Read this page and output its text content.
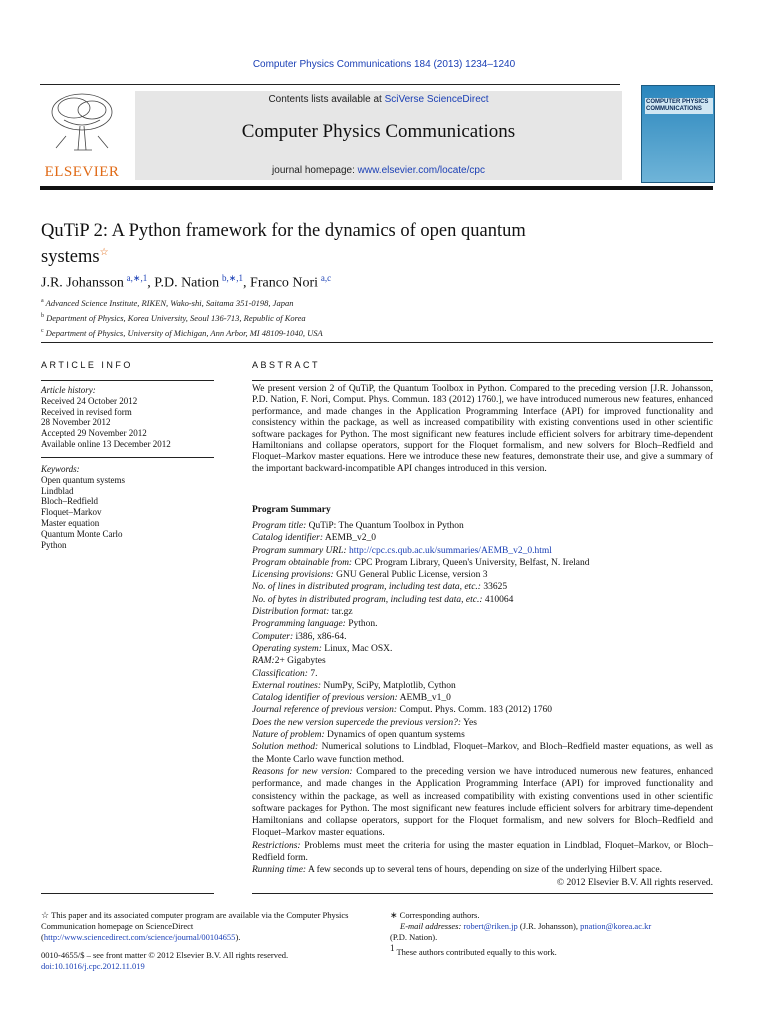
Computer Physics Communications 184 (2013) 1234–1240
ELSEVIER
Contents lists available at SciVerse ScienceDirect
Computer Physics Communications
journal homepage: www.elsevier.com/locate/cpc
COMPUTER PHYSICS COMMUNICATIONS
QuTiP 2: A Python framework for the dynamics of open quantum
systems☆
J.R. Johansson  $^{a,∗,1}$, P.D. Nation  $^{b,∗,1}$, Franco Nori  $^{a,c}$
$^a$ Advanced Science Institute, RIKEN, Wako-shi, Saitama 351-0198, Japan
$^b$ Department of Physics, Korea University, Seoul 136-713, Republic of Korea
$^c$ Department of Physics, University of Michigan, Ann Arbor, MI 48109-1040, USA
ARTICLE INFO
Article history:
Received 24 October 2012
Received in revised form
28 November 2012
Accepted 29 November 2012
Available online 13 December 2012
Keywords:
Open quantum systems
Lindblad
Bloch–Redfield
Floquet–Markov
Master equation
Quantum Monte Carlo
Python
ABSTRACT
We present version 2 of QuTiP, the Quantum Toolbox in Python. Compared to the preceding version [J.R. Johansson, P.D. Nation, F. Nori, Comput. Phys. Commun. 183 (2012) 1760.], we have introduced numerous new features, enhanced performance, and made changes in the Application Programming Interface (API) for improved functionality and consistency within the package, as well as increased compatibility with existing conventions used in other scientific software packages for Python. The most significant new features include efficient solvers for arbitrary time-dependent Hamiltonians and collapse operators, support for the Floquet formalism, and new solvers for Bloch–Redfield and Floquet–Markov master equations. Here we introduce these new features, demonstrate their use, and give a summary of the important backward-incompatible API changes introduced in this version.
Program Summary
Program title: QuTiP: The Quantum Toolbox in Python
Catalog identifier: AEMB_v2_0
Program summary URL: http://cpc.cs.qub.ac.uk/summaries/AEMB_v2_0.html
Program obtainable from: CPC Program Library, Queen's University, Belfast, N. Ireland
Licensing provisions: GNU General Public License, version 3
No. of lines in distributed program, including test data, etc.: 33625
No. of bytes in distributed program, including test data, etc.: 410064
Distribution format: tar.gz
Programming language: Python.
Computer: i386, x86-64.
Operating system: Linux, Mac OSX.
RAM:2+ Gigabytes
Classification: 7.
External routines: NumPy, SciPy, Matplotlib, Cython
Catalog identifier of previous version: AEMB_v1_0
Journal reference of previous version: Comput. Phys. Comm. 183 (2012) 1760
Does the new version supercede the previous version?: Yes
Nature of problem: Dynamics of open quantum systems
Solution method: Numerical solutions to Lindblad, Floquet–Markov, and Bloch–Redfield master equations, as well as the Monte Carlo wave function method.
Reasons for new version: Compared to the preceding version we have introduced numerous new features, enhanced performance, and made changes in the Application Programming Interface (API) for improved functionality and consistency within the package, as well as increased compatibility with existing conventions used in other scientific software packages for Python. The most significant new features include efficient solvers for arbitrary time-dependent Hamiltonians and collapse operators, support for the Floquet formalism, and new solvers for Bloch–Redfield and Floquet–Markov master equations.
Restrictions: Problems must meet the criteria for using the master equation in Lindblad, Floquet–Markov, or Bloch–Redfield form.
Running time: A few seconds up to several tens of hours, depending on size of the underlying Hilbert space.
© 2012 Elsevier B.V. All rights reserved.
☆ This paper and its associated computer program are available via the Computer Physics Communication homepage on ScienceDirect (http://www.sciencedirect.com/science/journal/00104655).
0010-4655/$ – see front matter © 2012 Elsevier B.V. All rights reserved.
doi:10.1016/j.cpc.2012.11.019
∗ Corresponding authors.
E-mail addresses: robert@riken.jp (J.R. Johansson), pnation@korea.ac.kr
(P.D. Nation).
$^1$ These authors contributed equally to this work.
